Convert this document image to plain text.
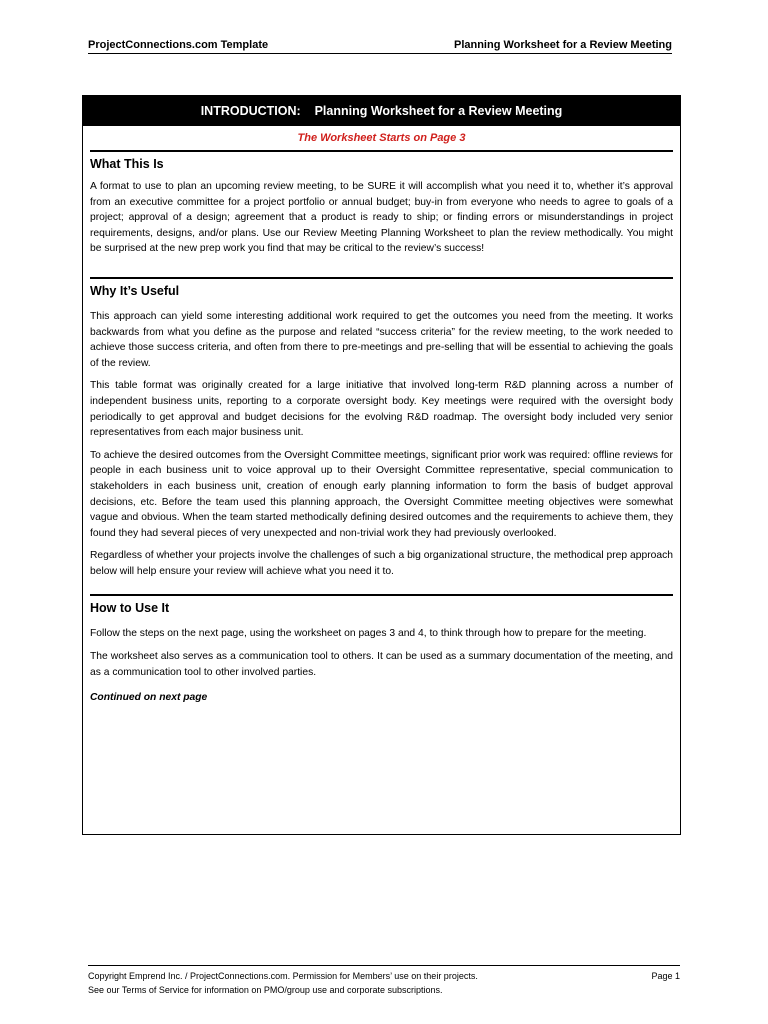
ProjectConnections.com Template	Planning Worksheet for a Review Meeting
INTRODUCTION:    Planning Worksheet for a Review Meeting
The Worksheet Starts on Page 3
What This Is

A format to use to plan an upcoming review meeting, to be SURE it will accomplish what you need it to, whether it’s approval from an executive committee for a project portfolio or annual budget; buy-in from everyone who needs to agree to goals of a project; approval of a design; agreement that a product is ready to ship; or finding errors or misunderstandings in project requirements, designs, and/or plans. Use our Review Meeting Planning Worksheet to plan the review methodically. You might be surprised at the new prep work you find that may be critical to the review’s success!

Why It’s Useful

This approach can yield some interesting additional work required to get the outcomes you need from the meeting. It works backwards from what you define as the purpose and related “success criteria” for the review meeting, to the work needed to achieve those success criteria, and often from there to pre-meetings and pre-selling that will be essential to achieving the goals of the review.

This table format was originally created for a large initiative that involved long-term R&D planning across a number of independent business units, reporting to a corporate oversight body. Key meetings were required with the oversight body periodically to get approval and budget decisions for the evolving R&D roadmap. The oversight body included very senior representatives from each major business unit.

To achieve the desired outcomes from the Oversight Committee meetings, significant prior work was required: offline reviews for people in each business unit to voice approval up to their Oversight Committee representative, special communication to stakeholders in each business unit, creation of enough early planning information to form the basis of budget approval decisions, etc. Before the team used this planning approach, the Oversight Committee meeting objectives were somewhat vague and obvious. When the team started methodically defining desired outcomes and the requirements to achieve them, they found they had several pieces of very unexpected and non-trivial work they had previously overlooked.

Regardless of whether your projects involve the challenges of such a big organizational structure, the methodical prep approach below will help ensure your review will achieve what you need it to.

How to Use It

Follow the steps on the next page, using the worksheet on pages 3 and 4, to think through how to prepare for the meeting.

The worksheet also serves as a communication tool to others. It can be used as a summary documentation of the meeting, and as a communication tool to other involved parties.

Continued on next page
Copyright Emprend Inc. / ProjectConnections.com. Permission for Members’ use on their projects.	Page 1
See our Terms of Service for information on PMO/group use and corporate subscriptions.
